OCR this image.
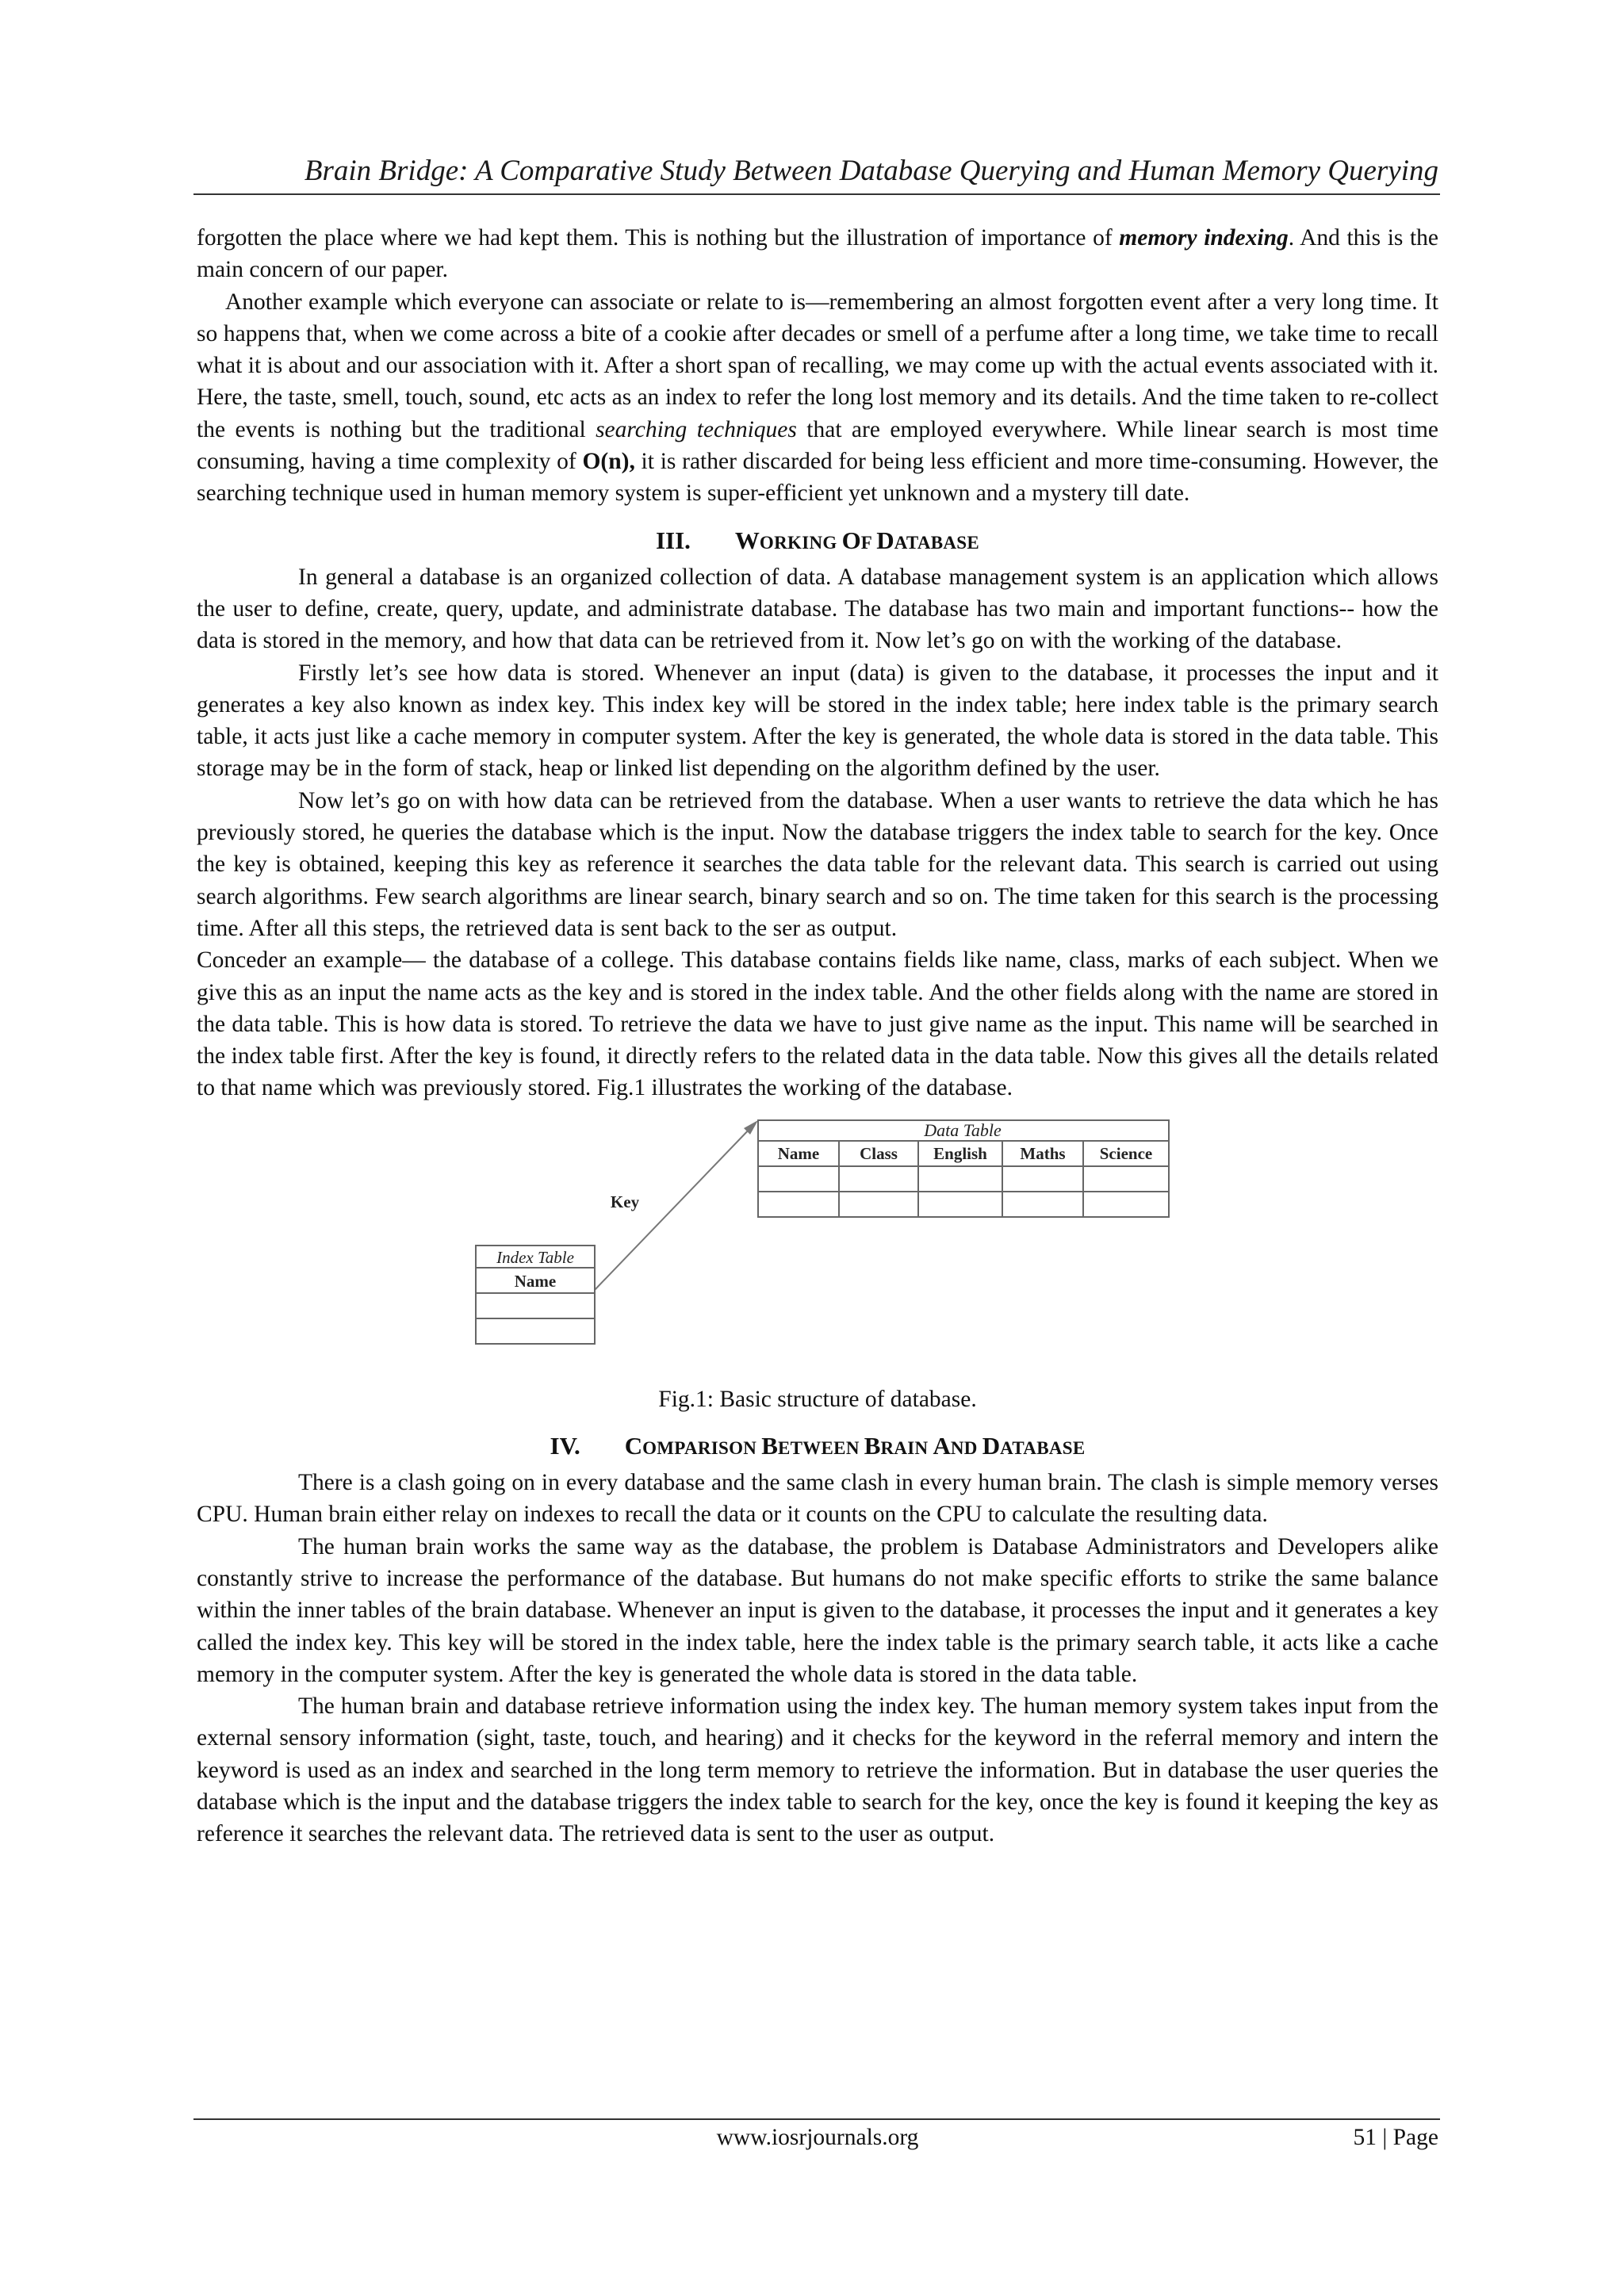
Brain Bridge: A Comparative Study Between Database Querying and Human Memory Querying

forgotten the place where we had kept them. This is nothing but the illustration of importance of memory indexing. And this is the main concern of our paper.

Another example which everyone can associate or relate to is—remembering an almost forgotten event after a very long time. It so happens that, when we come across a bite of a cookie after decades or smell of a perfume after a long time, we take time to recall what it is about and our association with it. After a short span of recalling, we may come up with the actual events associated with it. Here, the taste, smell, touch, sound, etc acts as an index to refer the long lost memory and its details. And the time taken to re-collect the events is nothing but the traditional searching techniques that are employed everywhere. While linear search is most time consuming, having a time complexity of O(n), it is rather discarded for being less efficient and more time-consuming. However, the searching technique used in human memory system is super-efficient yet unknown and a mystery till date.

III. WORKING OF DATABASE

In general a database is an organized collection of data. A database management system is an application which allows the user to define, create, query, update, and administrate database. The database has two main and important functions-- how the data is stored in the memory, and how that data can be retrieved from it. Now let’s go on with the working of the database.

Firstly let’s see how data is stored. Whenever an input (data) is given to the database, it processes the input and it generates a key also known as index key. This index key will be stored in the index table; here index table is the primary search table, it acts just like a cache memory in computer system. After the key is generated, the whole data is stored in the data table. This storage may be in the form of stack, heap or linked list depending on the algorithm defined by the user.

Now let’s go on with how data can be retrieved from the database. When a user wants to retrieve the data which he has previously stored, he queries the database which is the input. Now the database triggers the index table to search for the key. Once the key is obtained, keeping this key as reference it searches the data table for the relevant data. This search is carried out using search algorithms. Few search algorithms are linear search, binary search and so on. The time taken for this search is the processing time. After all this steps, the retrieved data is sent back to the ser as output.

Conceder an example— the database of a college. This database contains fields like name, class, marks of each subject. When we give this as an input the name acts as the key and is stored in the index table. And the other fields along with the name are stored in the data table. This is how data is stored. To retrieve the data we have to just give name as the input. This name will be searched in the index table first. After the key is found, it directly refers to the related data in the data table. Now this gives all the details related to that name which was previously stored. Fig.1 illustrates the working of the database.

Data Table
Name Class English Maths Science
Key
Index Table
Name

Fig.1: Basic structure of database.

IV. COMPARISON BETWEEN BRAIN AND DATABASE

There is a clash going on in every database and the same clash in every human brain. The clash is simple memory verses CPU. Human brain either relay on indexes to recall the data or it counts on the CPU to calculate the resulting data.

The human brain works the same way as the database, the problem is Database Administrators and Developers alike constantly strive to increase the performance of the database. But humans do not make specific efforts to strike the same balance within the inner tables of the brain database. Whenever an input is given to the database, it processes the input and it generates a key called the index key. This key will be stored in the index table, here the index table is the primary search table, it acts like a cache memory in the computer system. After the key is generated the whole data is stored in the data table.

The human brain and database retrieve information using the index key. The human memory system takes input from the external sensory information (sight, taste, touch, and hearing) and it checks for the keyword in the referral memory and intern the keyword is used as an index and searched in the long term memory to retrieve the information. But in database the user queries the database which is the input and the database triggers the index table to search for the key, once the key is found it keeping the key as reference it searches the relevant data. The retrieved data is sent to the user as output.

www.iosrjournals.org	51 | Page
